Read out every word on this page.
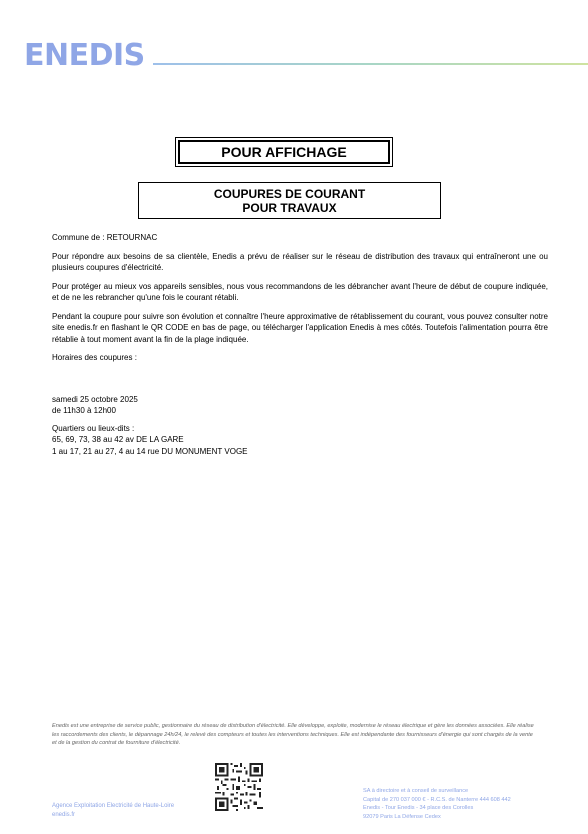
ENEDIS
POUR AFFICHAGE
COUPURES DE COURANT
POUR TRAVAUX

Commune de : RETOURNAC

Pour répondre aux besoins de sa clientèle, Enedis a prévu de réaliser sur le réseau de distribution des travaux qui entraîneront une ou plusieurs coupures d'électricité.

Pour protéger au mieux vos appareils sensibles, nous vous recommandons de les débrancher avant l'heure de début de coupure indiquée, et de ne les rebrancher qu'une fois le courant rétabli.

Pendant la coupure pour suivre son évolution et connaître l'heure approximative de rétablissement du courant, vous pouvez consulter notre site enedis.fr en flashant le QR CODE en bas de page, ou télécharger l'application Enedis à mes côtés. Toutefois l'alimentation pourra être rétablie à tout moment avant la fin de la plage indiquée.

Horaires des coupures :

samedi 25 octobre 2025
de 11h30 à 12h00
Quartiers ou lieux-dits :
65, 69, 73, 38 au 42 av DE LA GARE
1 au 17, 21 au 27, 4 au 14 rue DU MONUMENT VOGE
Enedis est une entreprise de service public, gestionnaire du réseau de distribution d'électricité. Elle développe, exploite, modernise le réseau électrique et gère les données associées. Elle réalise les raccordements des clients, le dépannage 24h/24, le relevé des compteurs et toutes les interventions techniques. Elle est indépendante des fournisseurs d'énergie qui sont chargés de la vente et de la gestion du contrat de fourniture d'électricité.
Agence Exploitation Electricité de Haute-Loire
enedis.fr
SA à directoire et à conseil de surveillance
Capital de 270 037 000 € - R.C.S. de Nanterre 444 608 442
Enedis - Tour Enedis - 34 place des Corolles
92079 Paris La Défense Cedex
